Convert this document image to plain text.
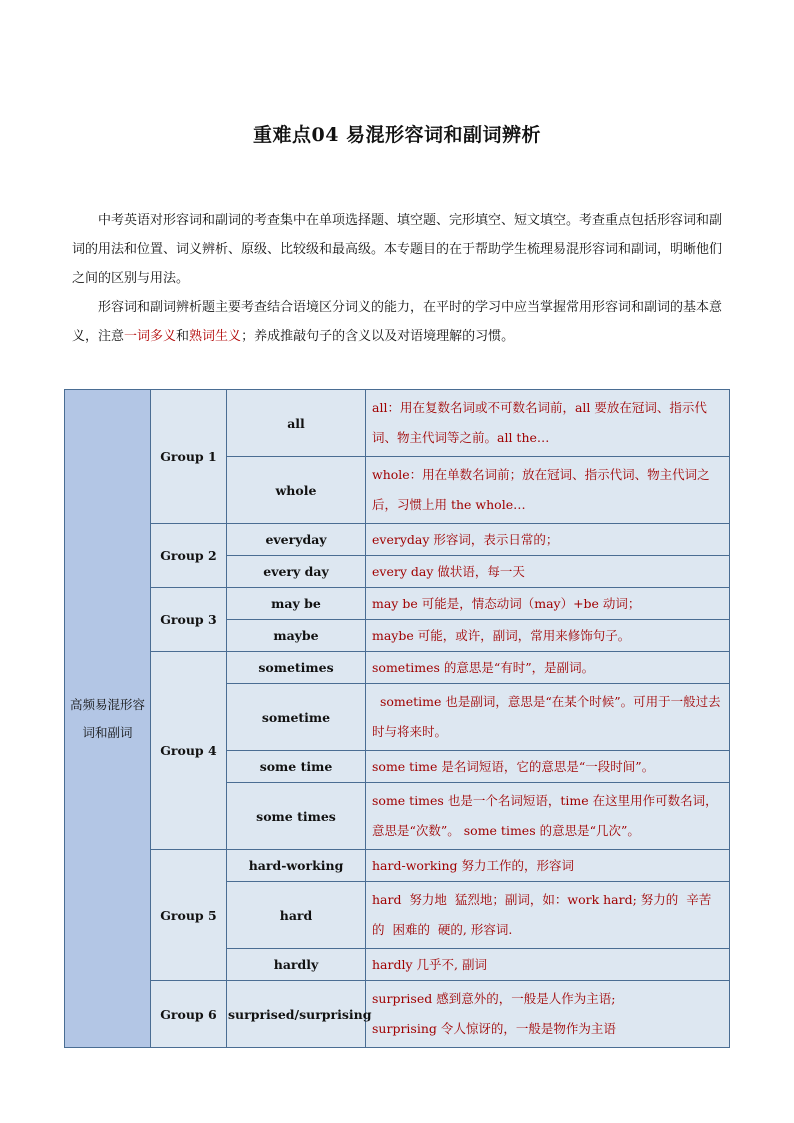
重难点04 易混形容词和副词辨析

中考英语对形容词和副词的考查集中在单项选择题、填空题、完形填空、短文填空。考查重点包括形容词和副词的用法和位置、词义辨析、原级、比较级和最高级。本专题目的在于帮助学生梳理易混形容词和副词，明晰他们之间的区别与用法。

形容词和副词辨析题主要考查结合语境区分词义的能力，在平时的学习中应当掌握常用形容词和副词的基本意义，注意一词多义和熟词生义；养成推敲句子的含义以及对语境理解的习惯。

高频易混形容词和副词	Group 1	all	all：用在复数名词或不可数名词前，all 要放在冠词、指示代词、物主代词等之前。all the…
		whole	whole：用在单数名词前；放在冠词、指示代词、物主代词之后，习惯上用 the whole…
	Group 2	everyday	everyday 形容词，表示日常的；
		every day	every day 做状语，每一天
	Group 3	may be	may be 可能是，情态动词（may）+be 动词；
		maybe	maybe 可能，或许，副词，常用来修饰句子。
	Group 4	sometimes	sometimes 的意思是“有时”，是副词。
		sometime	sometime 也是副词，意思是“在某个时候”。可用于一般过去时与将来时。
		some time	some time 是名词短语，它的意思是“一段时间”。
		some times	some times 也是一个名词短语，time 在这里用作可数名词，意思是“次数”。 some times 的意思是“几次”。
	Group 5	hard-working	hard-working 努力工作的，形容词
		hard	hard  努力地  猛烈地；副词，如：work hard; 努力的  辛苦的  困难的  硬的, 形容词.
		hardly	hardly 几乎不, 副词
	Group 6	surprised/surprising	surprised 感到意外的，一般是人作为主语;
surprising 令人惊讶的，一般是物作为主语
